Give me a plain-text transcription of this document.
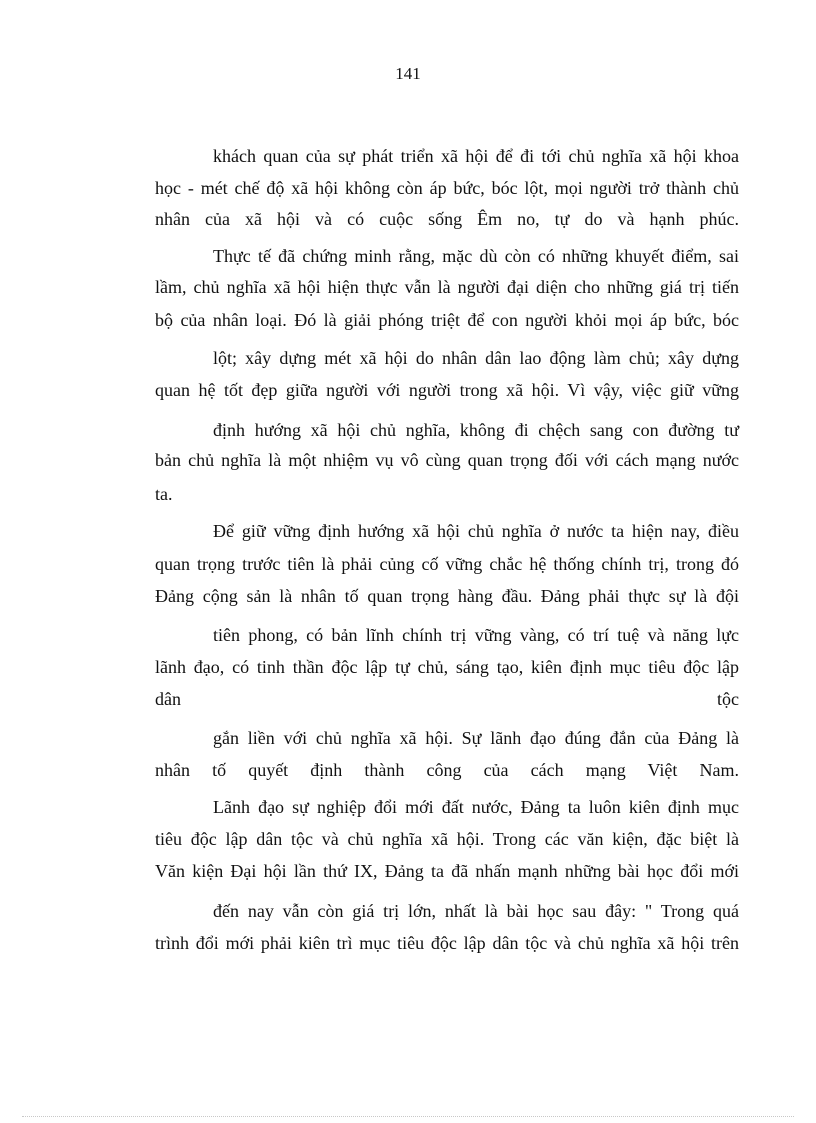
141
khách quan của sự phát triển xã hội để đi tới chủ nghĩa xã hội khoa
học - mét chế độ xã hội không còn áp bức, bóc lột, mọi người trở thành chủ
nhân của xã hội và có cuộc sống Êm no, tự do và hạnh phúc.
Thực tế đã chứng minh rằng, mặc dù còn có những khuyết điểm, sai
lầm, chủ nghĩa xã hội hiện thực vẫn là người đại diện cho những giá trị tiến
bộ của nhân loại. Đó là giải phóng triệt để con người khỏi mọi áp bức, bóc
lột; xây dựng mét xã hội do nhân dân lao động làm chủ; xây dựng
quan hệ tốt đẹp giữa người với người trong xã hội. Vì vậy, việc giữ vững
định hướng xã hội chủ nghĩa, không đi chệch sang con đường tư
bản chủ nghĩa là một nhiệm vụ vô cùng quan trọng đối với cách mạng nước
ta.
Để giữ vững định hướng xã hội chủ nghĩa ở nước ta hiện nay, điều
quan trọng trước tiên là phải củng cố vững chắc hệ thống chính trị, trong đó
Đảng cộng sản là nhân tố quan trọng hàng đầu. Đảng phải thực sự là đội
tiên phong, có bản lĩnh chính trị vững vàng, có trí tuệ và năng lực
lãnh đạo, có tinh thần độc lập tự chủ, sáng tạo, kiên định mục tiêu độc lập
dân tộc
gắn liền với chủ nghĩa xã hội. Sự lãnh đạo đúng đắn của Đảng là
nhân tố quyết định thành công của cách mạng Việt Nam.
Lãnh đạo sự nghiệp đổi mới đất nước, Đảng ta luôn kiên định mục
tiêu độc lập dân tộc và chủ nghĩa xã hội. Trong các văn kiện, đặc biệt là
Văn kiện Đại hội lần thứ IX, Đảng ta đã nhấn mạnh những bài học đổi mới
đến nay vẫn còn giá trị lớn, nhất là bài học sau đây: " Trong quá
trình đổi mới phải kiên trì mục tiêu độc lập dân tộc và chủ nghĩa xã hội trên
